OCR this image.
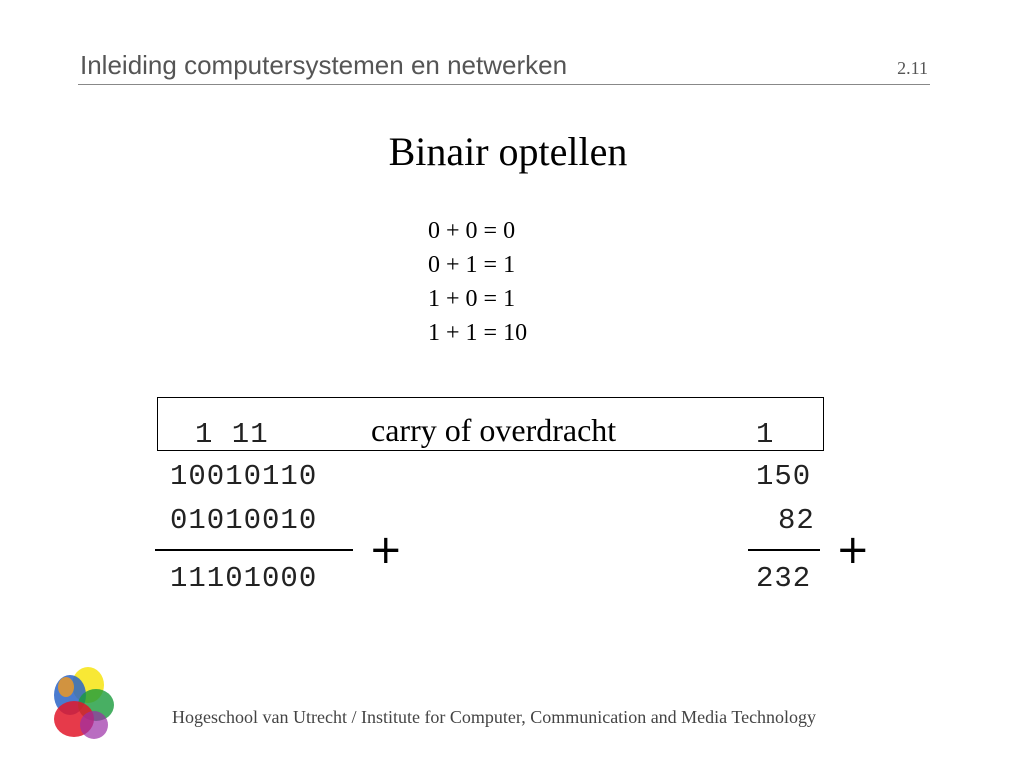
Inleiding computersystemen en netwerken	2.11
Binair optellen
0 + 0 = 0
0 + 1 = 1
1 + 0 = 1
1 + 1 = 10
1 11	carry of overdracht	1
10010110
01010010
+
11101000
150
82
+
232
Hogeschool van Utrecht / Institute for Computer, Communication and Media Technology
